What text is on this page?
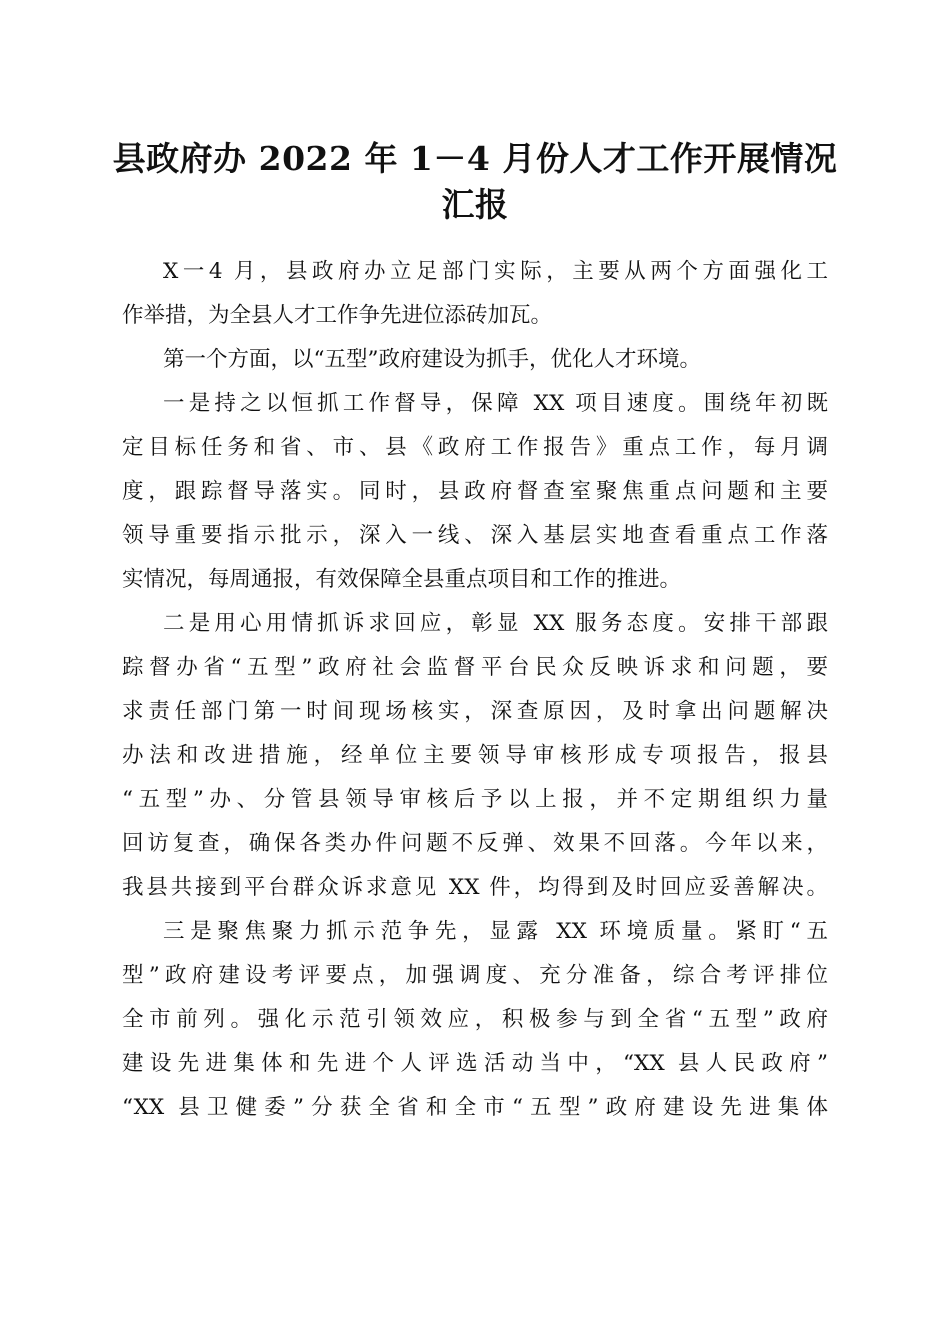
县政府办 2022 年 1－4 月份人才工作开展情况
汇报
X一4 月，县政府办立足部门实际，主要从两个方面强化工
作举措，为全县人才工作争先进位添砖加瓦。
第一个方面，以“五型”政府建设为抓手，优化人才环境。
一是持之以恒抓工作督导，保障 XX 项目速度。围绕年初既
定目标任务和省、市、县《政府工作报告》重点工作，每月调
度，跟踪督导落实。同时，县政府督查室聚焦重点问题和主要
领导重要指示批示，深入一线、深入基层实地查看重点工作落
实情况，每周通报，有效保障全县重点项目和工作的推进。
二是用心用情抓诉求回应，彰显 XX 服务态度。安排干部跟
踪督办省“五型”政府社会监督平台民众反映诉求和问题，要
求责任部门第一时间现场核实，深查原因，及时拿出问题解决
办法和改进措施，经单位主要领导审核形成专项报告，报县
“五型”办、分管县领导审核后予以上报，并不定期组织力量
回访复查，确保各类办件问题不反弹、效果不回落。今年以来，
我县共接到平台群众诉求意见 XX 件，均得到及时回应妥善解决。
三是聚焦聚力抓示范争先，显露 XX 环境质量。紧盯“五
型”政府建设考评要点，加强调度、充分准备，综合考评排位
全市前列。强化示范引领效应，积极参与到全省“五型”政府
建设先进集体和先进个人评选活动当中，“XX 县人民政府”
“XX 县卫健委”分获全省和全市“五型”政府建设先进集体
